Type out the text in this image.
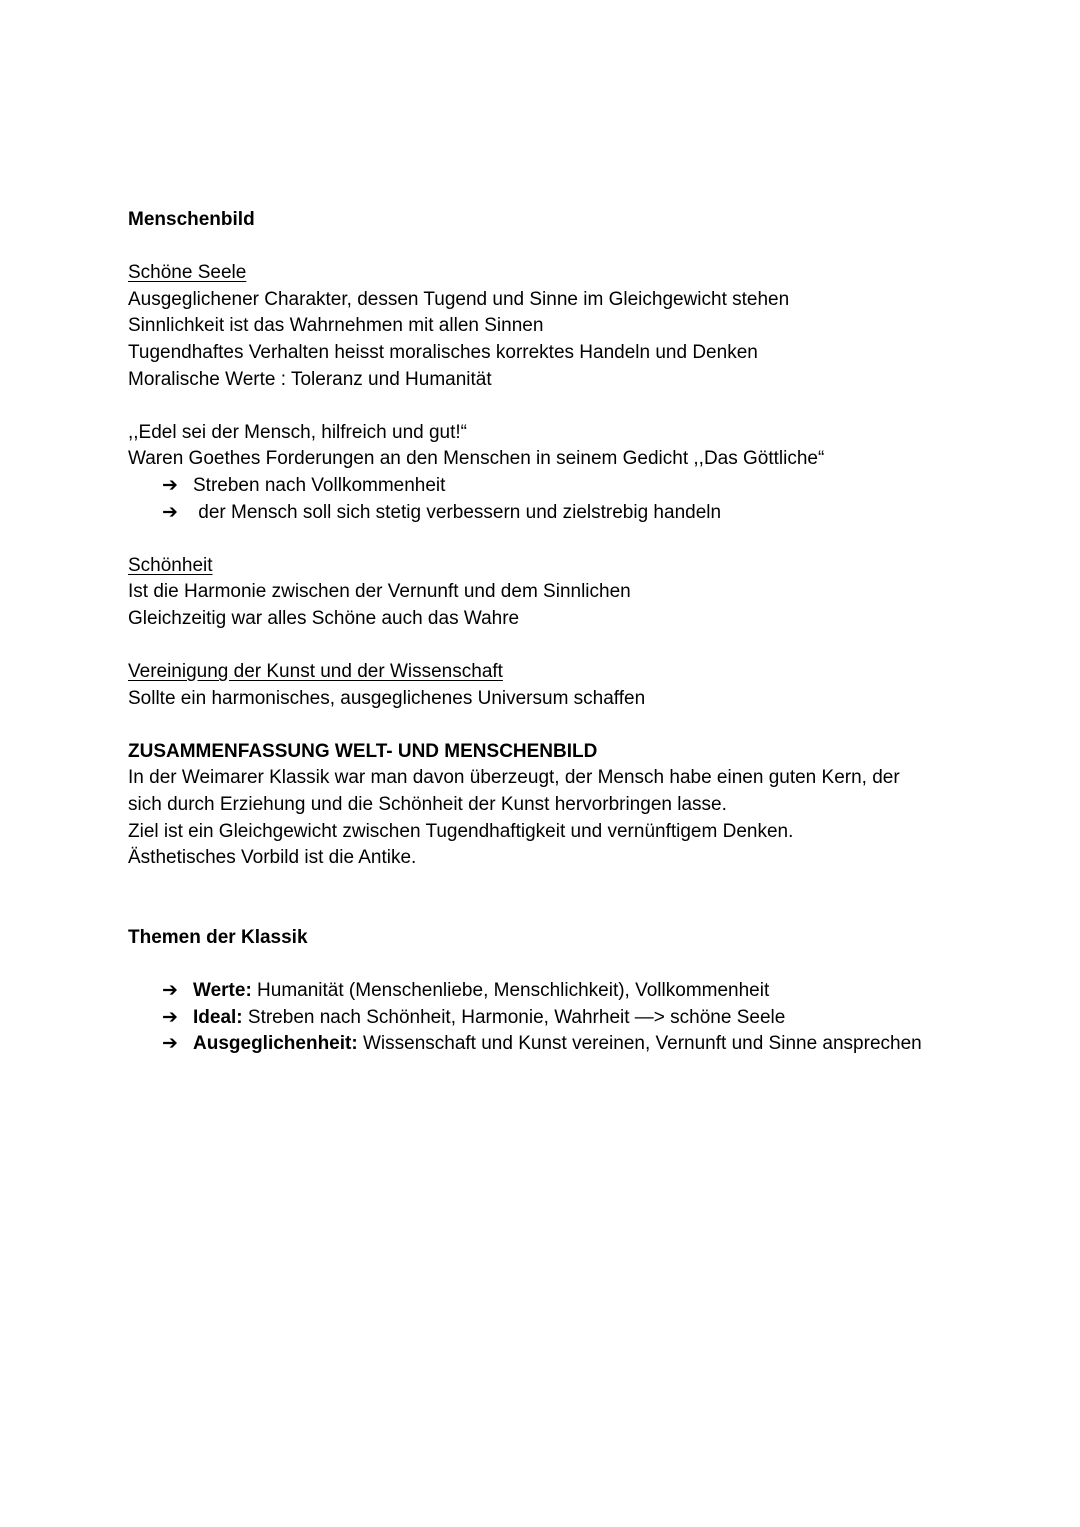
Menschenbild
Schöne Seele
Ausgeglichener Charakter, dessen Tugend und Sinne im Gleichgewicht stehen
Sinnlichkeit ist das Wahrnehmen mit allen Sinnen
Tugendhaftes Verhalten heisst moralisches korrektes Handeln und Denken
Moralische Werte : Toleranz und Humanität
,,Edel sei der Mensch, hilfreich und gut!“
Waren Goethes Forderungen an den Menschen in seinem Gedicht ,,Das Göttliche“
➔ Streben nach Vollkommenheit
➔ der Mensch soll sich stetig verbessern und zielstrebig handeln
Schönheit
Ist die Harmonie zwischen der Vernunft und dem Sinnlichen
Gleichzeitig war alles Schöne auch das Wahre
Vereinigung der Kunst und der Wissenschaft
Sollte ein harmonisches, ausgeglichenes Universum schaffen
ZUSAMMENFASSUNG WELT- UND MENSCHENBILD
In der Weimarer Klassik war man davon überzeugt, der Mensch habe einen guten Kern, der
sich durch Erziehung und die Schönheit der Kunst hervorbringen lasse.
Ziel ist ein Gleichgewicht zwischen Tugendhaftigkeit und vernünftigem Denken.
Ästhetisches Vorbild ist die Antike.
Themen der Klassik
➔ Werte: Humanität (Menschenliebe, Menschlichkeit), Vollkommenheit
➔ Ideal: Streben nach Schönheit, Harmonie, Wahrheit —> schöne Seele
➔ Ausgeglichenheit: Wissenschaft und Kunst vereinen, Vernunft und Sinne ansprechen
